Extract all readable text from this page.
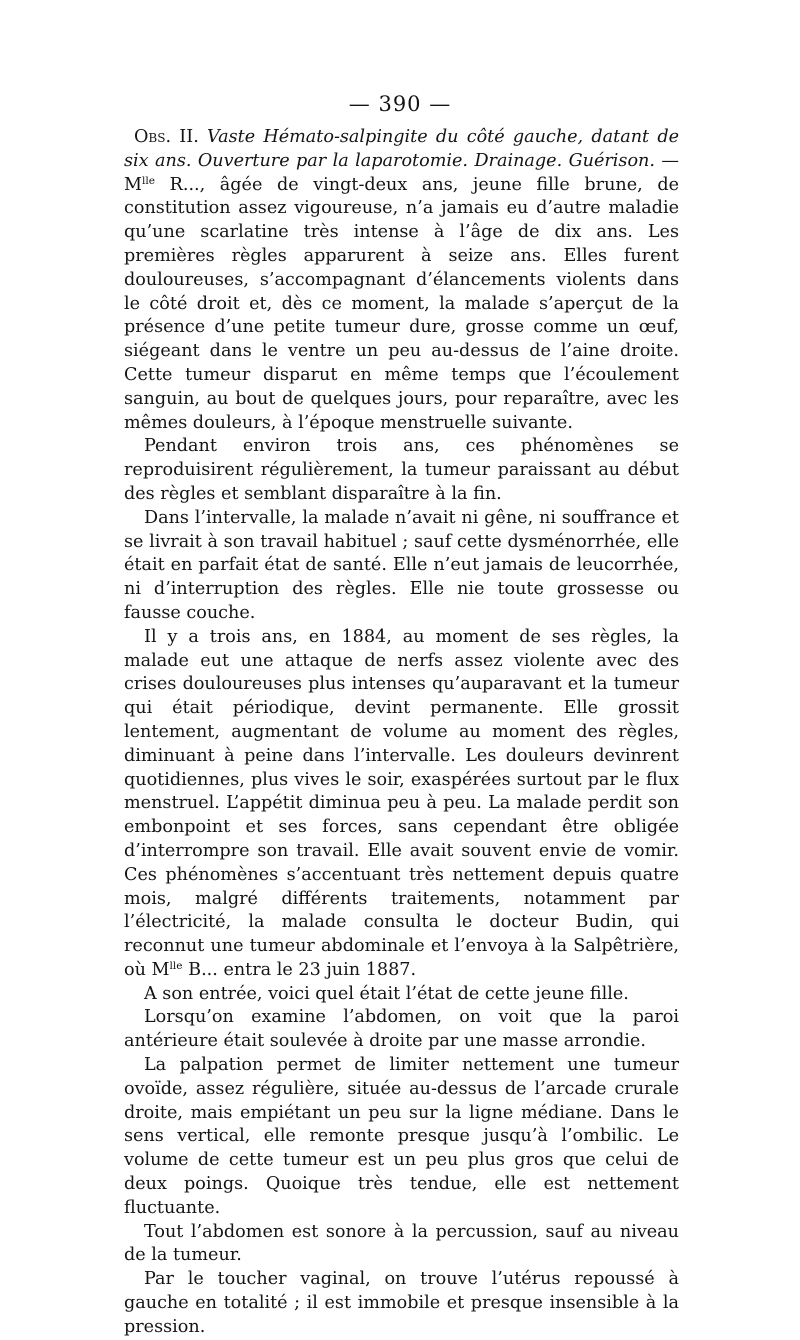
— 390 —

Obs. II. Vaste Hémato-salpingite du côté gauche, datant de six ans. Ouverture par la laparotomie. Drainage. Guérison. — $M^{lle}$ R..., âgée de vingt-deux ans, jeune fille brune, de constitution assez vigoureuse, n’a jamais eu d’autre maladie qu’une scarlatine très intense à l’âge de dix ans. Les premières règles apparurent à seize ans. Elles furent douloureuses, s’accompagnant d’élancements violents dans le côté droit et, dès ce moment, la malade s’aperçut de la présence d’une petite tumeur dure, grosse comme un œuf, siégeant dans le ventre un peu au-dessus de l’aine droite. Cette tumeur disparut en même temps que l’écoulement sanguin, au bout de quelques jours, pour reparaître, avec les mêmes douleurs, à l’époque menstruelle suivante.

Pendant environ trois ans, ces phénomènes se reproduisirent régulièrement, la tumeur paraissant au début des règles et semblant disparaître à la fin.

Dans l’intervalle, la malade n’avait ni gêne, ni souffrance et se livrait à son travail habituel ; sauf cette dysménorrhée, elle était en parfait état de santé. Elle n’eut jamais de leucorrhée, ni d’interruption des règles. Elle nie toute grossesse ou fausse couche.

Il y a trois ans, en 1884, au moment de ses règles, la malade eut une attaque de nerfs assez violente avec des crises douloureuses plus intenses qu’auparavant et la tumeur qui était périodique, devint permanente. Elle grossit lentement, augmentant de volume au moment des règles, diminuant à peine dans l’intervalle. Les douleurs devinrent quotidiennes, plus vives le soir, exaspérées surtout par le flux menstruel. L’appétit diminua peu à peu. La malade perdit son embonpoint et ses forces, sans cependant être obligée d’interrompre son travail. Elle avait souvent envie de vomir. Ces phénomènes s’accentuant très nettement depuis quatre mois, malgré différents traitements, notamment par l’électricité, la malade consulta le docteur Budin, qui reconnut une tumeur abdominale et l’envoya à la Salpêtrière, où $M^{lle}$ B... entra le 23 juin 1887.

A son entrée, voici quel était l’état de cette jeune fille.

Lorsqu’on examine l’abdomen, on voit que la paroi antérieure était soulevée à droite par une masse arrondie.

La palpation permet de limiter nettement une tumeur ovoïde, assez régulière, située au-dessus de l’arcade crurale droite, mais empiétant un peu sur la ligne médiane. Dans le sens vertical, elle remonte presque jusqu’à l’ombilic. Le volume de cette tumeur est un peu plus gros que celui de deux poings. Quoique très tendue, elle est nettement fluctuante.

Tout l’abdomen est sonore à la percussion, sauf au niveau de la tumeur.

Par le toucher vaginal, on trouve l’utérus repoussé à gauche en totalité ; il est immobile et presque insensible à la pression.
